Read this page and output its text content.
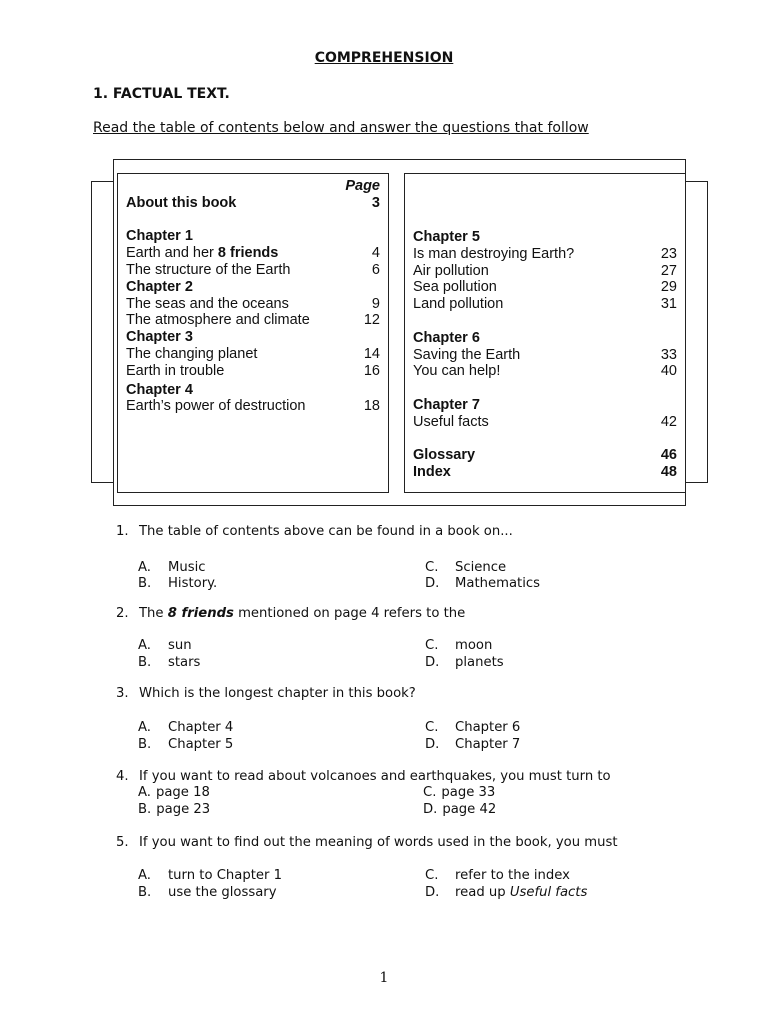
COMPREHENSION
1. FACTUAL TEXT.
Read the table of contents below and answer the questions that follow
Page
About this book	3
Chapter 1
Earth and her 8 friends	4
The structure of the Earth	6
Chapter 2
The seas and the oceans	9
The atmosphere and climate	12
Chapter 3
The changing planet	14
Earth in trouble	16
Chapter 4
Earth’s power of destruction	18
Chapter 5
Is man destroying Earth?	23
Air pollution	27
Sea pollution	29
Land pollution	31
Chapter 6
Saving the Earth	33
You can help!	40
Chapter 7
Useful facts	42
Glossary	46
Index	48
1. The table of contents above can be found in a book on...
A. Music
B. History.
C. Science
D. Mathematics
2. The 8 friends mentioned on page 4 refers to the
A. sun
B. stars
C. moon
D. planets
3. Which is the longest chapter in this book?
A. Chapter 4
B. Chapter 5
C. Chapter 6
D. Chapter 7
4. If you want to read about volcanoes and earthquakes, you must turn to
A. page 18
B. page 23
C. page 33
D. page 42
5. If you want to find out the meaning of words used in the book, you must
A. turn to Chapter 1
B. use the glossary
C. refer to the index
D. read up Useful facts
1
